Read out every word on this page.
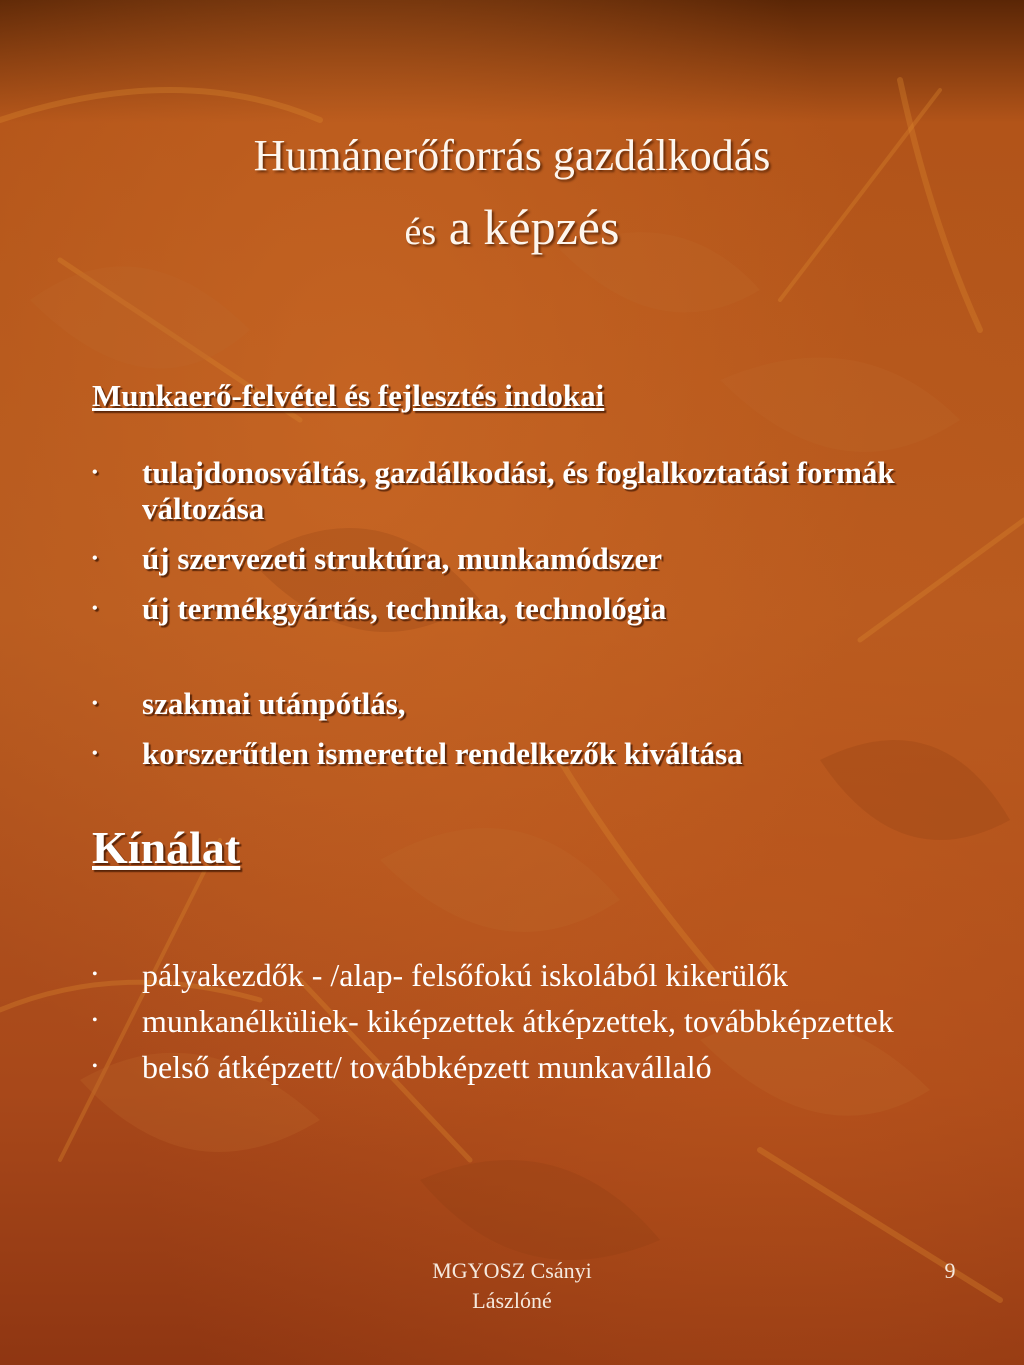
Humánerőforrás gazdálkodás
és a képzés
Munkaerő-felvétel és fejlesztés indokai
• tulajdonosváltás, gazdálkodási, és foglalkoztatási formák változása
• új szervezeti struktúra, munkamódszer
• új termékgyártás, technika, technológia
• szakmai utánpótlás,
• korszerűtlen ismerettel rendelkezők kiváltása
Kínálat
• pályakezdők - /alap- felsőfokú iskolából kikerülők
• munkanélküliek- kiképzettek átképzettek, továbbképzettek
• belső átképzett/ továbbképzett munkavállaló
MGYOSZ Csányi
Lászlóné
9
